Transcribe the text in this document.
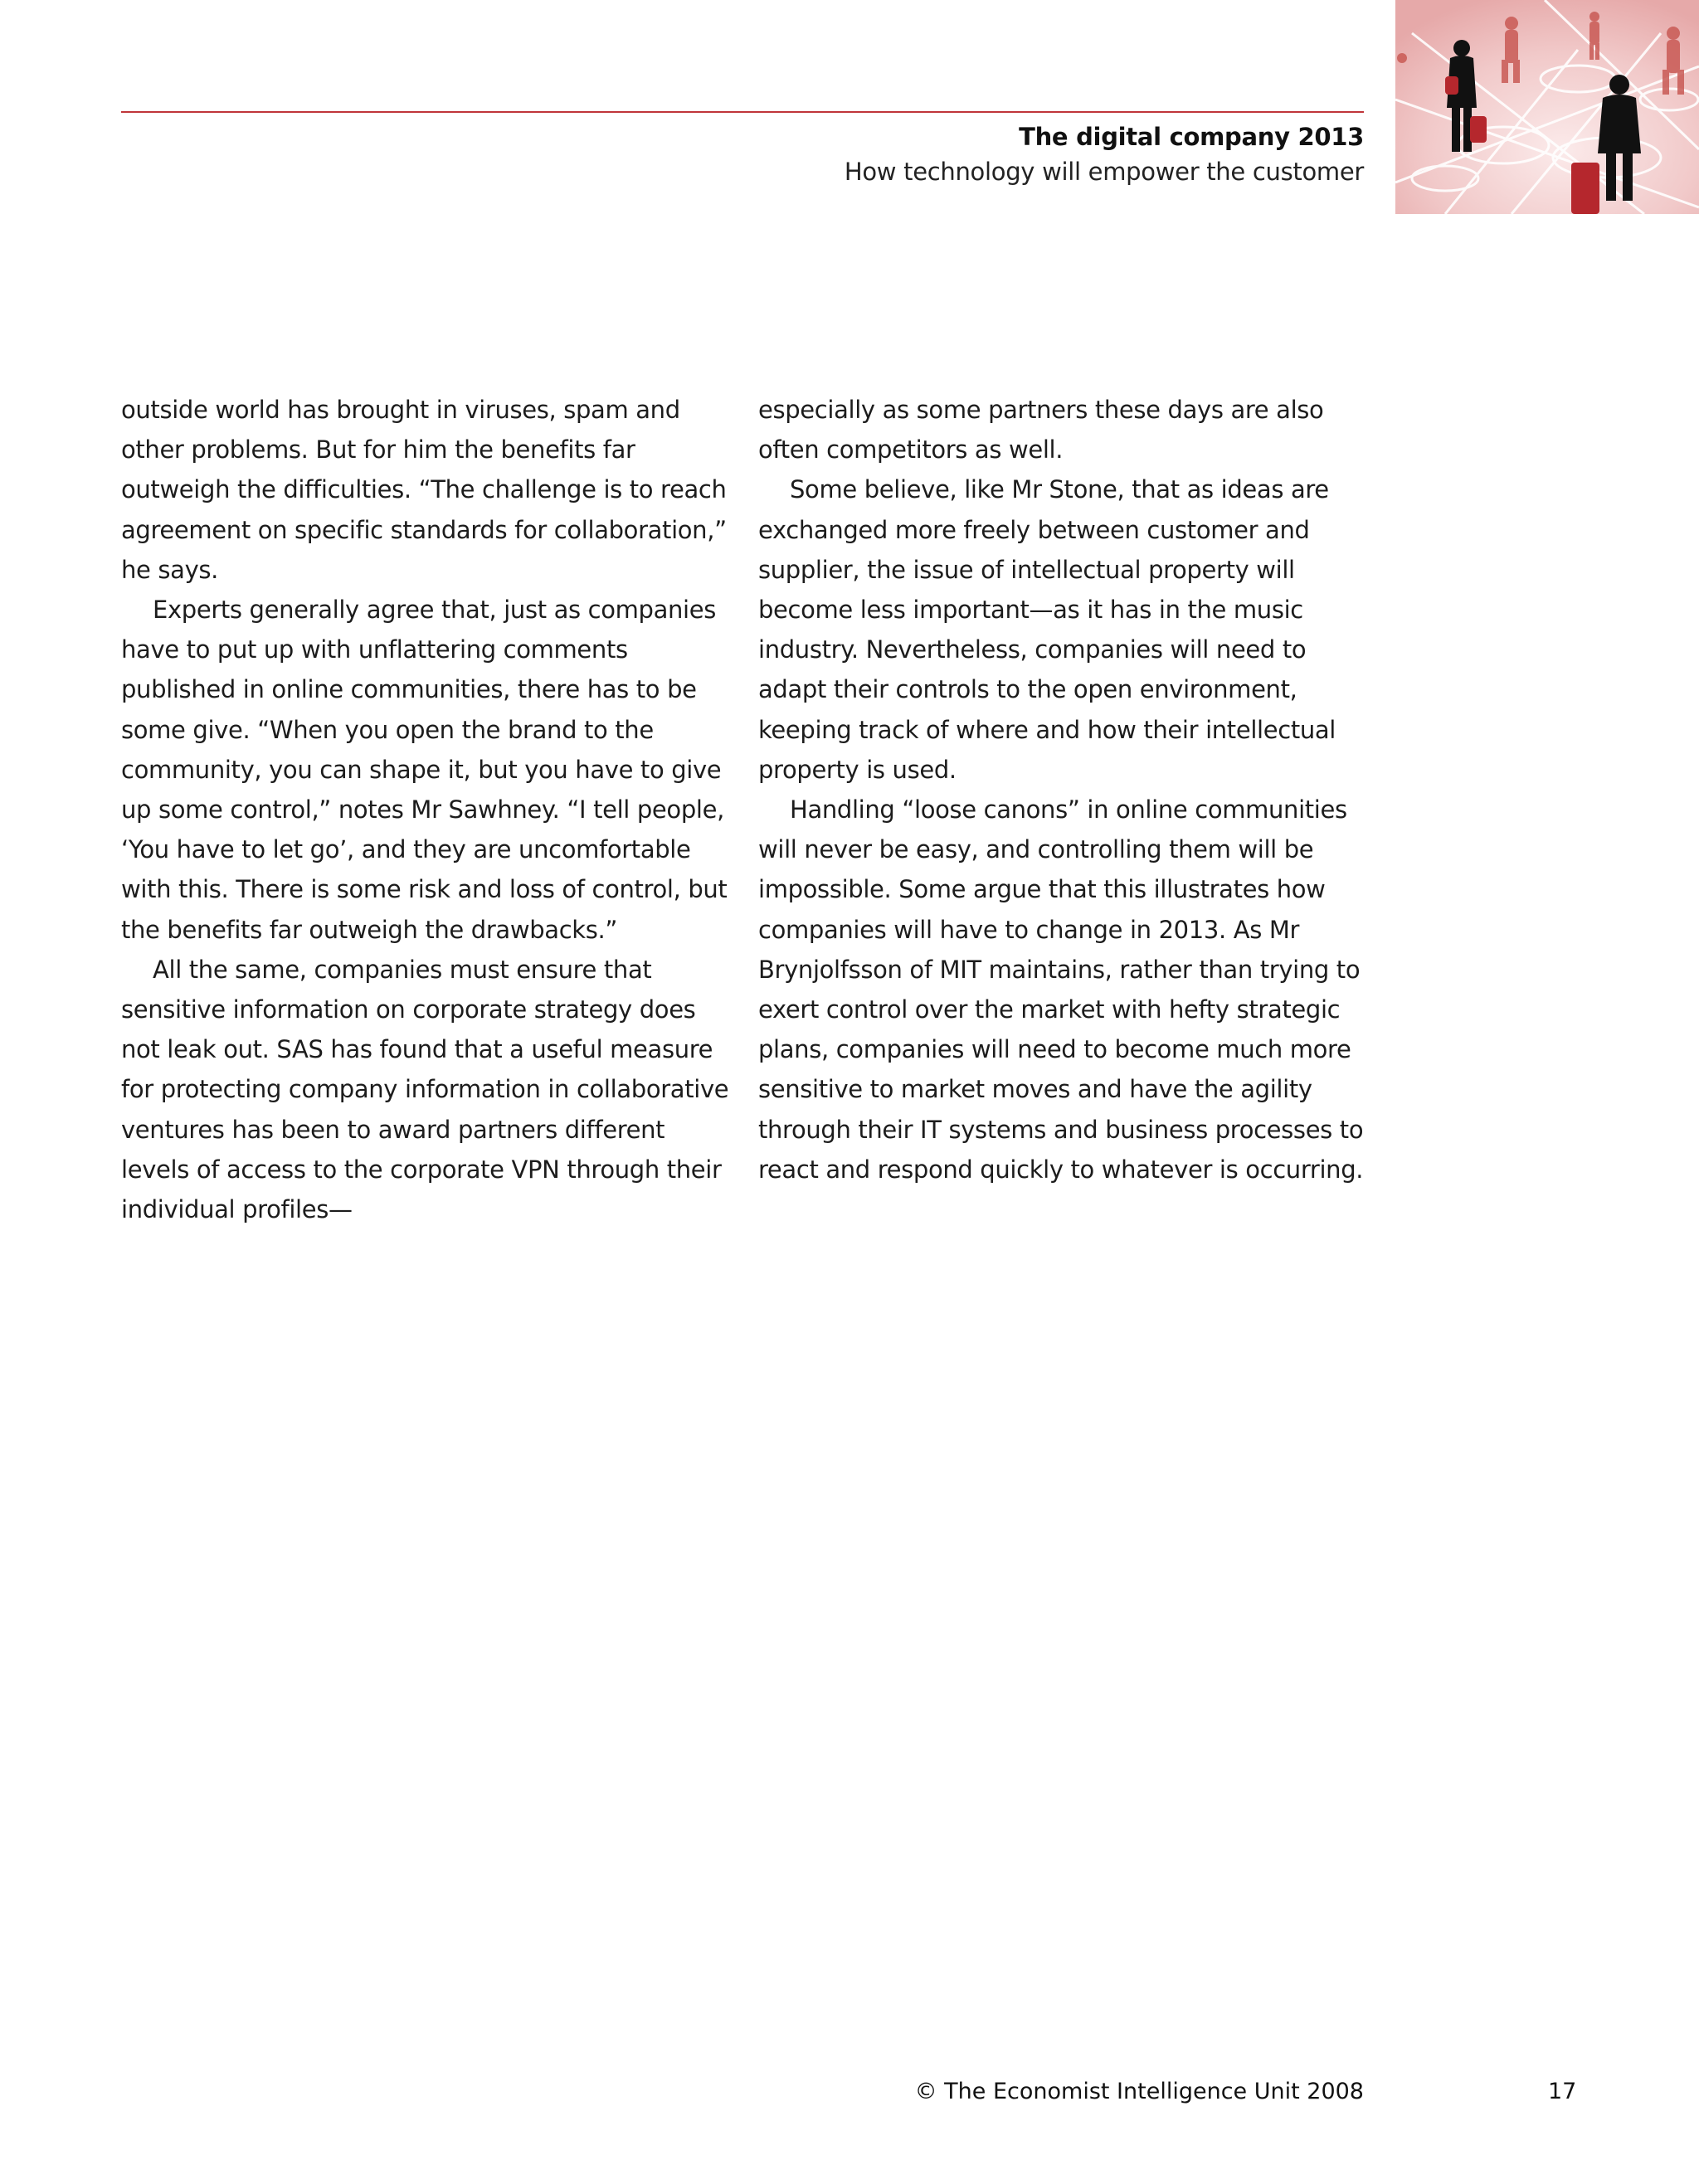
The digital company 2013
How technology will empower the customer

outside world has brought in viruses, spam and other problems. But for him the benefits far outweigh the difficulties. “The challenge is to reach agreement on specific standards for collaboration,” he says.

Experts generally agree that, just as companies have to put up with unflattering comments published in online communities, there has to be some give. “When you open the brand to the community, you can shape it, but you have to give up some control,” notes Mr Sawhney. “I tell people, ‘You have to let go’, and they are uncomfortable with this. There is some risk and loss of control, but the benefits far outweigh the drawbacks.”

All the same, companies must ensure that sensitive information on corporate strategy does not leak out. SAS has found that a useful measure for protecting company information in collaborative ventures has been to award partners different levels of access to the corporate VPN through their individual profiles—

especially as some partners these days are also often competitors as well.

Some believe, like Mr Stone, that as ideas are exchanged more freely between customer and supplier, the issue of intellectual property will become less important—as it has in the music industry. Nevertheless, companies will need to adapt their controls to the open environment, keeping track of where and how their intellectual property is used.

Handling “loose canons” in online communities will never be easy, and controlling them will be impossible. Some argue that this illustrates how companies will have to change in 2013. As Mr Brynjolfsson of MIT maintains, rather than trying to exert control over the market with hefty strategic plans, companies will need to become much more sensitive to market moves and have the agility through their IT systems and business processes to react and respond quickly to whatever is occurring.

© The Economist Intelligence Unit 2008	17
